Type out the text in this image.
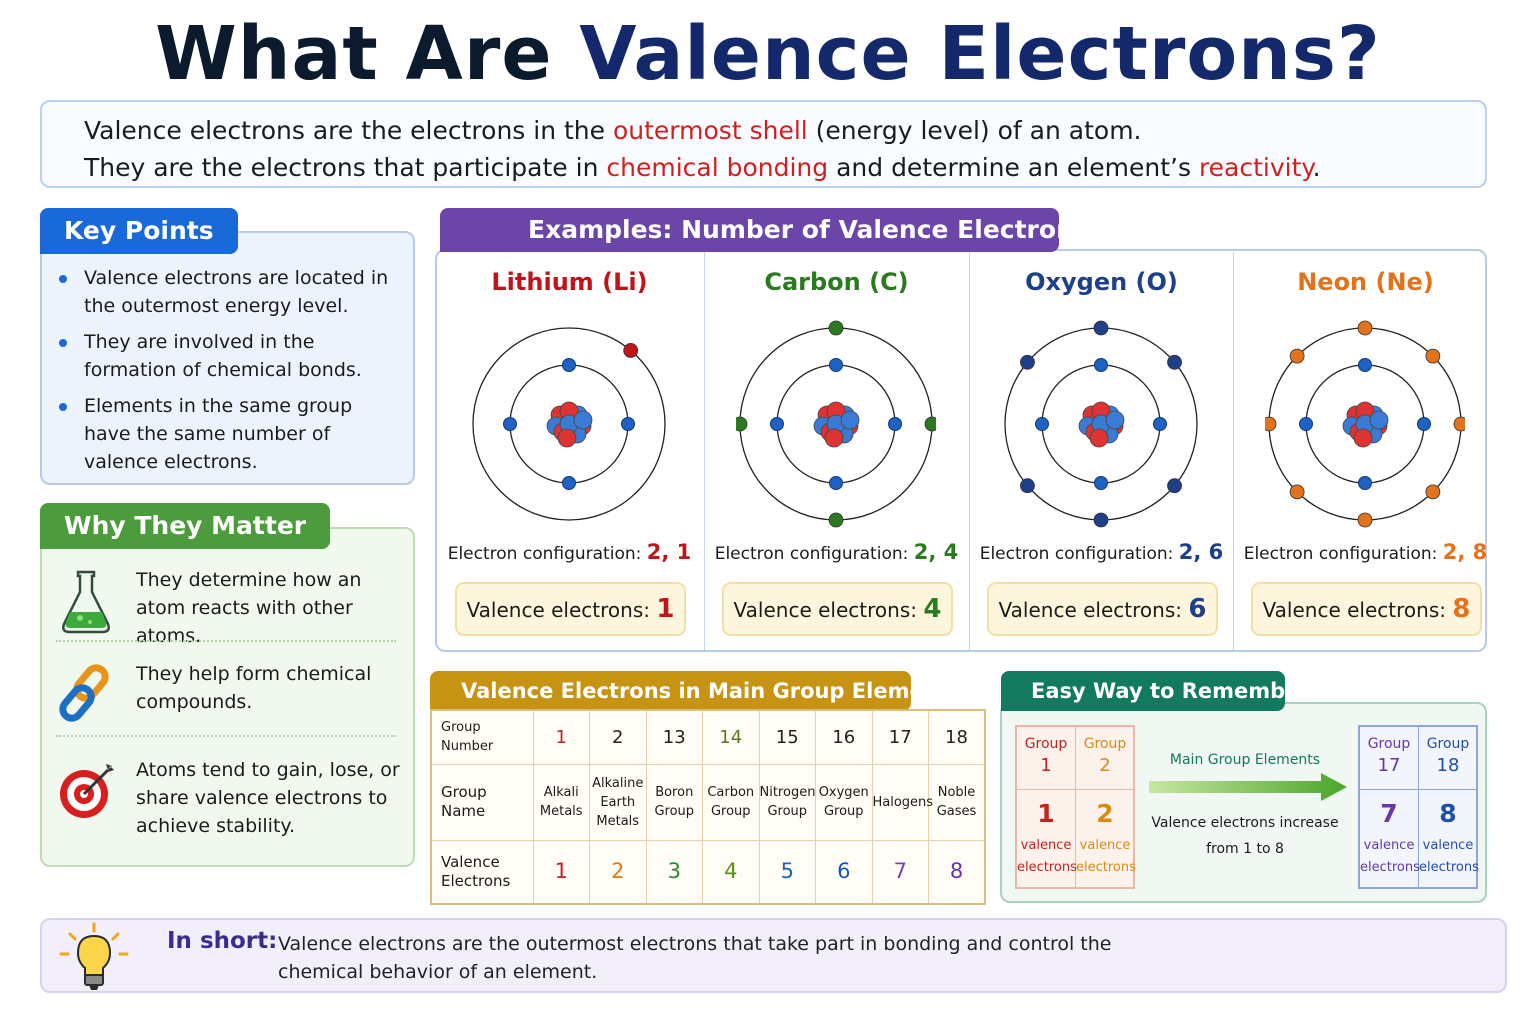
What Are Valence Electrons?
Valence electrons are the electrons in the outermost shell (energy level) of an atom.
They are the electrons that participate in chemical bonding and determine an element’s reactivity.
Key Points
Valence electrons are located in the outermost energy level.
They are involved in the formation of chemical bonds.
Elements in the same group have the same number of valence electrons.
Why They Matter
They determine how an atom reacts with other atoms.
They help form chemical compounds.
Atoms tend to gain, lose, or share valence electrons to achieve stability.
Examples: Number of Valence Electrons
Lithium (Li)
Electron configuration: 2, 1
Valence electrons: 1
Carbon (C)
Electron configuration: 2, 4
Valence electrons: 4
Oxygen (O)
Electron configuration: 2, 6
Valence electrons: 6
Neon (Ne)
Electron configuration: 2, 8
Valence electrons: 8
Valence Electrons in Main Group Elements
Group Number	1	2	13	14	15	16	17	18
Group Name	Alkali Metals	Alkaline Earth Metals	Boron Group	Carbon Group	Nitrogen Group	Oxygen Group	Halogens	Noble Gases
Valence Electrons	1	2	3	4	5	6	7	8
Easy Way to Remember
Group
1
1
valence
electrons
Group
2
2
valence
electrons
Group
17
7
valence
electrons
Group
18
8
valence
electrons
Main Group Elements
Valence electrons increase
from 1 to 8
In short: Valence electrons are the outermost electrons that take part in bonding and control the chemical behavior of an element.
